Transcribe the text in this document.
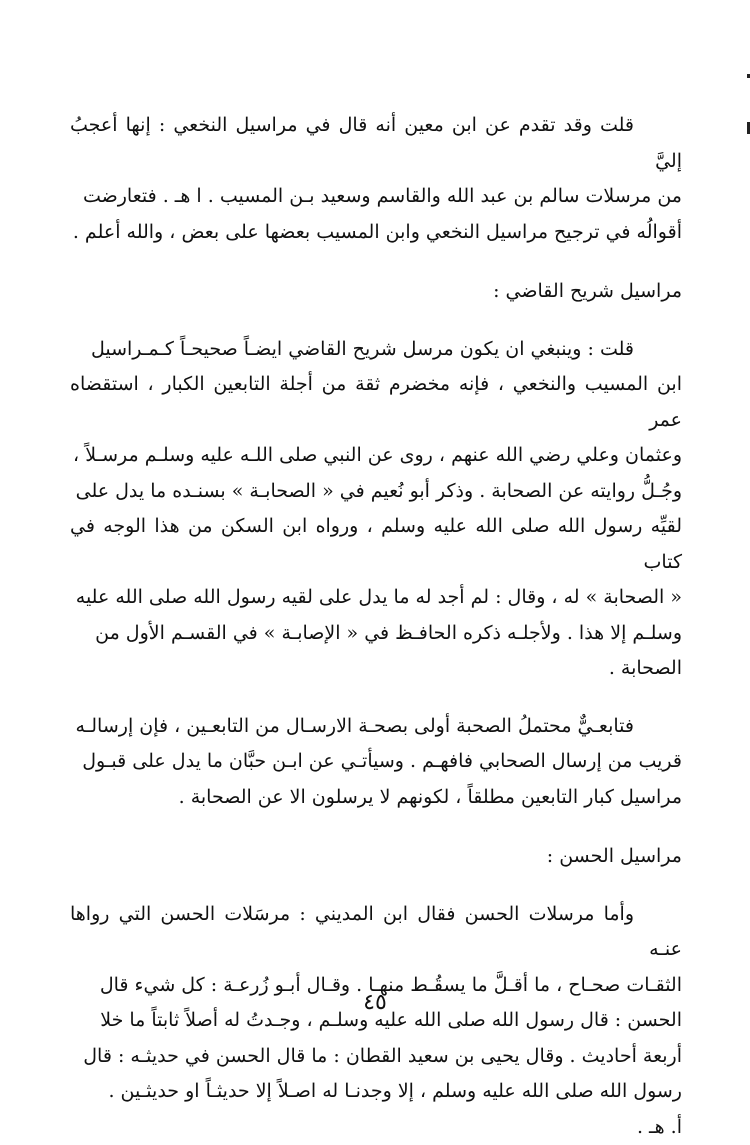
قلت وقد تقدم عن ابن معين أنه قال في مراسيل النخعي : إنها أعجبُ إليَّ

من مرسلات سالم بن عبد الله والقاسم وسعيد بـن المسيب . ا هـ . فتعارضت

أقوالُه في ترجيح مراسيل النخعي وابن المسيب بعضها على بعض ، والله أعلم .

مراسيل شريح القاضي :

قلت : وينبغي ان يكون مرسل شريح القاضي ايضـاً صحيحـاً كـمـراسيل

ابن المسيب والنخعي ، فإنه مخضرم ثقة من أجلة التابعين الكبار ، استقضاه عمر

وعثمان وعلي رضي الله عنهم ، روى عن النبي صلى اللـه عليه وسلـم مرسـلاً ،

وجُـلُّ روايته عن الصحابة . وذكر أبو نُعيم في « الصحابـة » بسنـده ما يدل على

لقيِّه رسول الله صلى الله عليه وسلم ، ورواه ابن السكن من هذا الوجه في كتاب

« الصحابة » له ، وقال : لم أجد له ما يدل على لقيه رسول الله صلى الله عليه

وسلـم إلا هذا . ولأجلـه ذكره الحافـظ في « الإصابـة » في القسـم الأول من

الصحابة .

فتابعـيٌّ محتملُ الصحبة أولى بصحـة الارسـال من التابعـين ، فإن إرسالـه

قريب من إرسال الصحابي فافهـم . وسيأتـي عن ابـن حبَّان ما يدل على قبـول

مراسيل كبار التابعين مطلقاً ، لكونهم لا يرسلون الا عن الصحابة .

مراسيل الحسن :

وأما مرسلات الحسن فقال ابن المديني : مرسَلات الحسن التي رواها عنـه

الثقـات صحـاح ، ما أقـلَّ ما يسقُـط منهـا . وقـال أبـو زُرعـة : كل شيء قال

الحسن : قال رسول الله صلى الله عليه وسلـم ، وجـدتُ له أصلاً ثابتاً ما خلا

أربعة أحاديث . وقال يحيى بن سعيد القطان : ما قال الحسن في حديثـه : قال

رسول الله صلى الله عليه وسلم ، إلا وجدنـا له اصـلاً إلا حديثـاً او حديثـين .

أ. هـ .

٤٥
